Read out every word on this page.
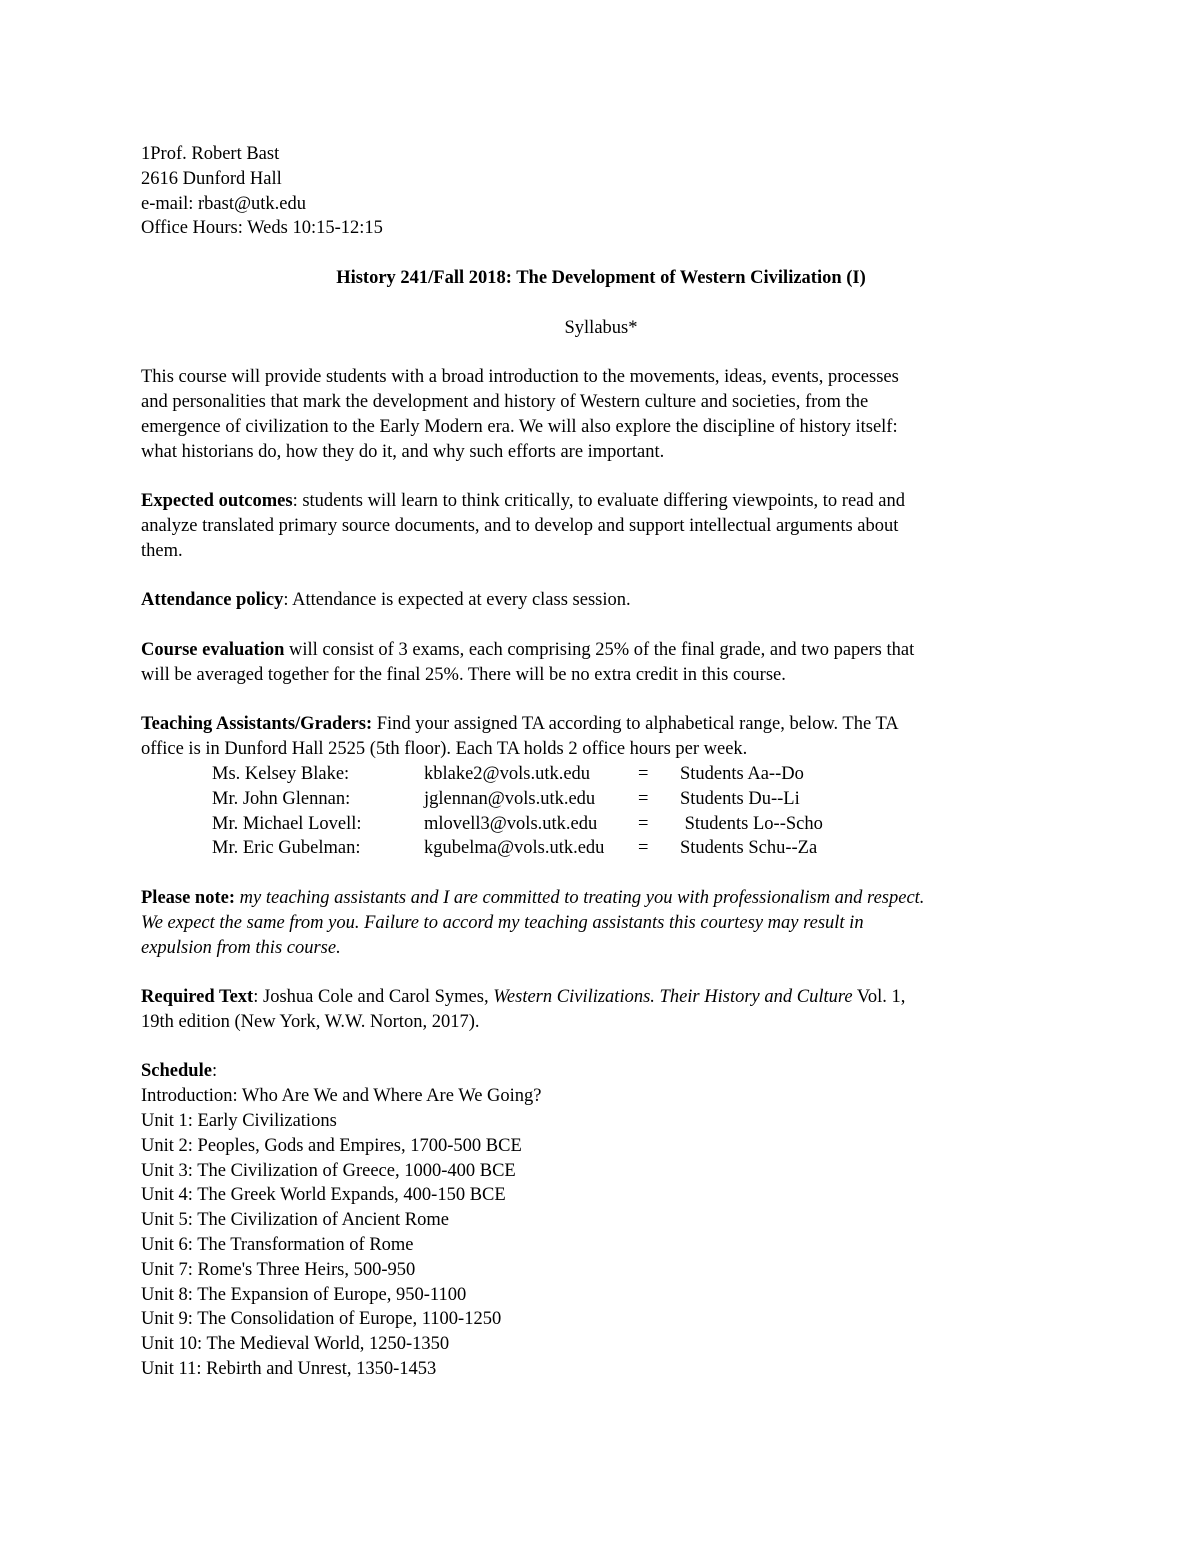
1Prof. Robert Bast
2616 Dunford Hall
e-mail: rbast@utk.edu
Office Hours: Weds 10:15-12:15
History 241/Fall 2018: The Development of Western Civilization (I)
Syllabus*
This course will provide students with a broad introduction to the movements, ideas, events, processes
and personalities that mark the development and history of Western culture and societies, from the
emergence of civilization to the Early Modern era. We will also explore the discipline of history itself:
what historians do, how they do it, and why such efforts are important.
Expected outcomes: students will learn to think critically, to evaluate differing viewpoints, to read and
analyze translated primary source documents, and to develop and support intellectual arguments about
them.
Attendance policy: Attendance is expected at every class session.
Course evaluation will consist of 3 exams, each comprising 25% of the final grade, and two papers that
will be averaged together for the final 25%. There will be no extra credit in this course.
Teaching Assistants/Graders: Find your assigned TA according to alphabetical range, below. The TA
office is in Dunford Hall 2525 (5th floor). Each TA holds 2 office hours per week.
Ms. Kelsey Blake:	kblake2@vols.utk.edu	=	Students Aa--Do
Mr. John Glennan:	jglennan@vols.utk.edu	=	Students Du--Li
Mr. Michael Lovell:	mlovell3@vols.utk.edu	=	Students Lo--Scho
Mr. Eric Gubelman:	kgubelma@vols.utk.edu	=	Students Schu--Za
Please note: my teaching assistants and I are committed to treating you with professionalism and respect.
We expect the same from you. Failure to accord my teaching assistants this courtesy may result in
expulsion from this course.
Required Text: Joshua Cole and Carol Symes, Western Civilizations. Their History and Culture Vol. 1,
19th edition (New York, W.W. Norton, 2017).
Schedule:
Introduction: Who Are We and Where Are We Going?
Unit 1: Early Civilizations
Unit 2: Peoples, Gods and Empires, 1700-500 BCE
Unit 3: The Civilization of Greece, 1000-400 BCE
Unit 4: The Greek World Expands, 400-150 BCE
Unit 5: The Civilization of Ancient Rome
Unit 6: The Transformation of Rome
Unit 7: Rome's Three Heirs, 500-950
Unit 8: The Expansion of Europe, 950-1100
Unit 9: The Consolidation of Europe, 1100-1250
Unit 10: The Medieval World, 1250-1350
Unit 11: Rebirth and Unrest, 1350-1453
